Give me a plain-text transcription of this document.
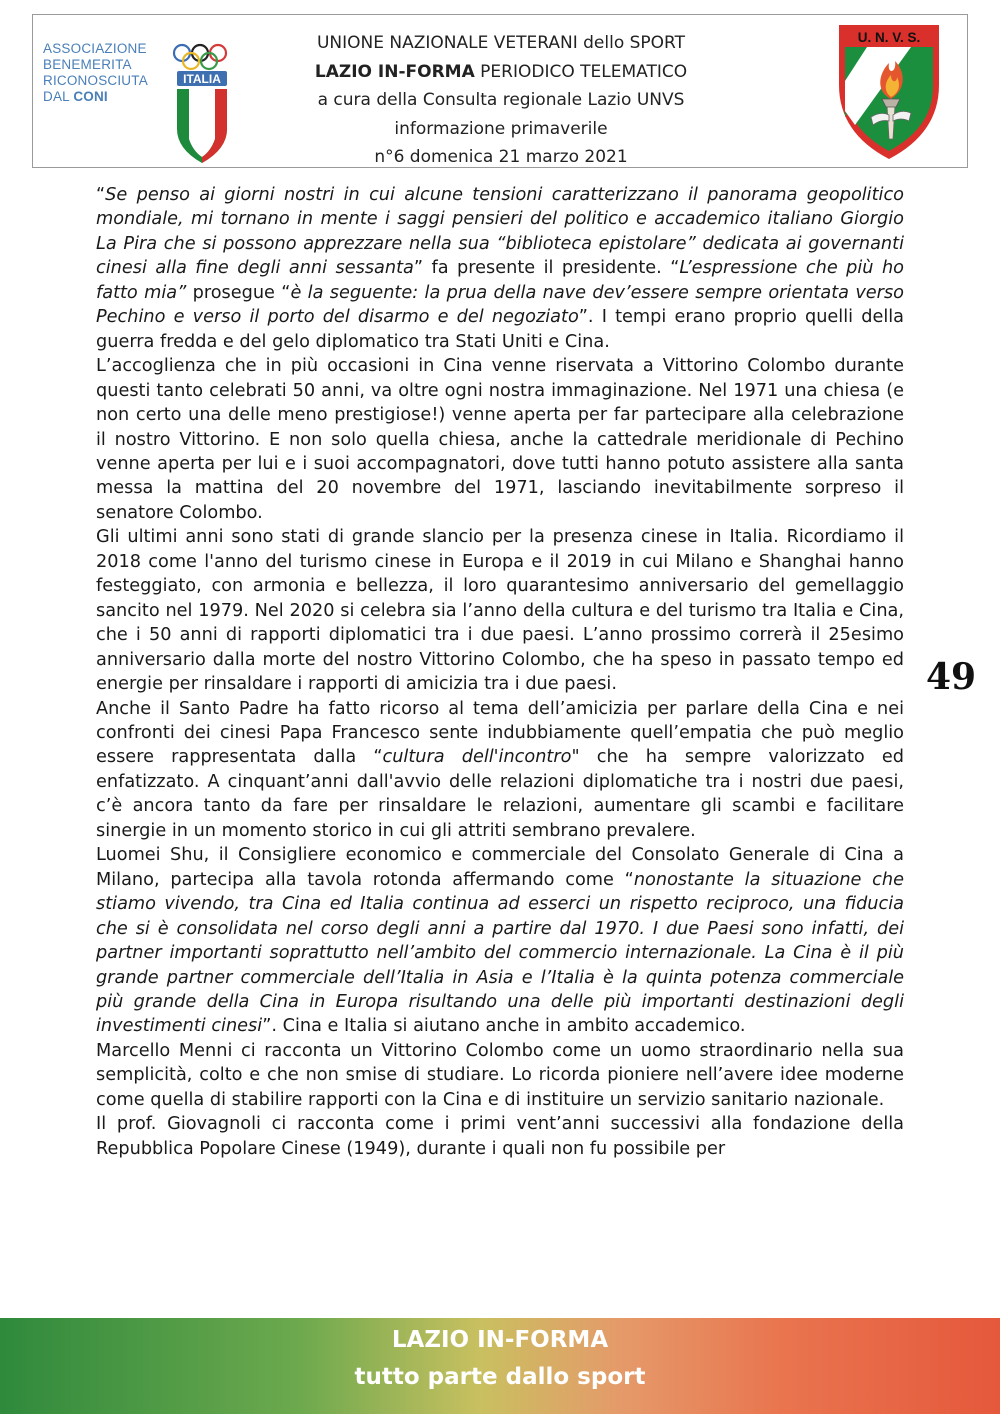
ASSOCIAZIONE
BENEMERITA
RICONOSCIUTA
DAL CONI
ITALIA
UNIONE NAZIONALE VETERANI dello SPORT
LAZIO IN-FORMA PERIODICO TELEMATICO
a cura della Consulta regionale Lazio UNVS
informazione primaverile
n°6 domenica 21 marzo 2021
U. N. V. S.

“Se penso ai giorni nostri in cui alcune tensioni caratterizzano il panorama geopolitico mondiale, mi tornano in mente i saggi pensieri del politico e accademico italiano Giorgio La Pira che si possono apprezzare nella sua “biblioteca epistolare” dedicata ai governanti cinesi alla fine degli anni sessanta” fa presente il presidente. “L’espressione che più ho fatto mia” prosegue “è la seguente: la prua della nave dev’essere sempre orientata verso Pechino e verso il porto del disarmo e del negoziato”. I tempi erano proprio quelli della guerra fredda e del gelo diplomatico tra Stati Uniti e Cina.

L’accoglienza che in più occasioni in Cina venne riservata a Vittorino Colombo durante questi tanto celebrati 50 anni, va oltre ogni nostra immaginazione. Nel 1971 una chiesa (e non certo una delle meno prestigiose!) venne aperta per far partecipare alla celebrazione il nostro Vittorino. E non solo quella chiesa, anche la cattedrale meridionale di Pechino venne aperta per lui e i suoi accompagnatori, dove tutti hanno potuto assistere alla santa messa la mattina del 20 novembre del 1971, lasciando inevitabilmente sorpreso il senatore Colombo.

Gli ultimi anni sono stati di grande slancio per la presenza cinese in Italia. Ricordiamo il 2018 come l'anno del turismo cinese in Europa e il 2019 in cui Milano e Shanghai hanno festeggiato, con armonia e bellezza, il loro quarantesimo anniversario del gemellaggio sancito nel 1979. Nel 2020 si celebra sia l’anno della cultura e del turismo tra Italia e Cina, che i 50 anni di rapporti diplomatici tra i due paesi. L’anno prossimo correrà il 25esimo anniversario dalla morte del nostro Vittorino Colombo, che ha speso in passato tempo ed energie per rinsaldare i rapporti di amicizia tra i due paesi.

Anche il Santo Padre ha fatto ricorso al tema dell’amicizia per parlare della Cina e nei confronti dei cinesi Papa Francesco sente indubbiamente quell’empatia che può meglio essere rappresentata dalla “cultura dell'incontro" che ha sempre valorizzato ed enfatizzato. A cinquant’anni dall'avvio delle relazioni diplomatiche tra i nostri due paesi, c’è ancora tanto da fare per rinsaldare le relazioni, aumentare gli scambi e facilitare sinergie in un momento storico in cui gli attriti sembrano prevalere.

Luomei Shu, il Consigliere economico e commerciale del Consolato Generale di Cina a Milano, partecipa alla tavola rotonda affermando come “nonostante la situazione che stiamo vivendo, tra Cina ed Italia continua ad esserci un rispetto reciproco, una fiducia che si è consolidata nel corso degli anni a partire dal 1970. I due Paesi sono infatti, dei partner importanti soprattutto nell’ambito del commercio internazionale. La Cina è il più grande partner commerciale dell’Italia in Asia e l’Italia è la quinta potenza commerciale più grande della Cina in Europa risultando una delle più importanti destinazioni degli investimenti cinesi”. Cina e Italia si aiutano anche in ambito accademico.

Marcello Menni ci racconta un Vittorino Colombo come un uomo straordinario nella sua semplicità, colto e che non smise di studiare. Lo ricorda pioniere nell’avere idee moderne come quella di stabilire rapporti con la Cina e di instituire un servizio sanitario nazionale.

Il prof. Giovagnoli ci racconta come i primi vent’anni successivi alla fondazione della Repubblica Popolare Cinese (1949), durante i quali non fu possibile per

49
LAZIO IN-FORMA
tutto parte dallo sport
